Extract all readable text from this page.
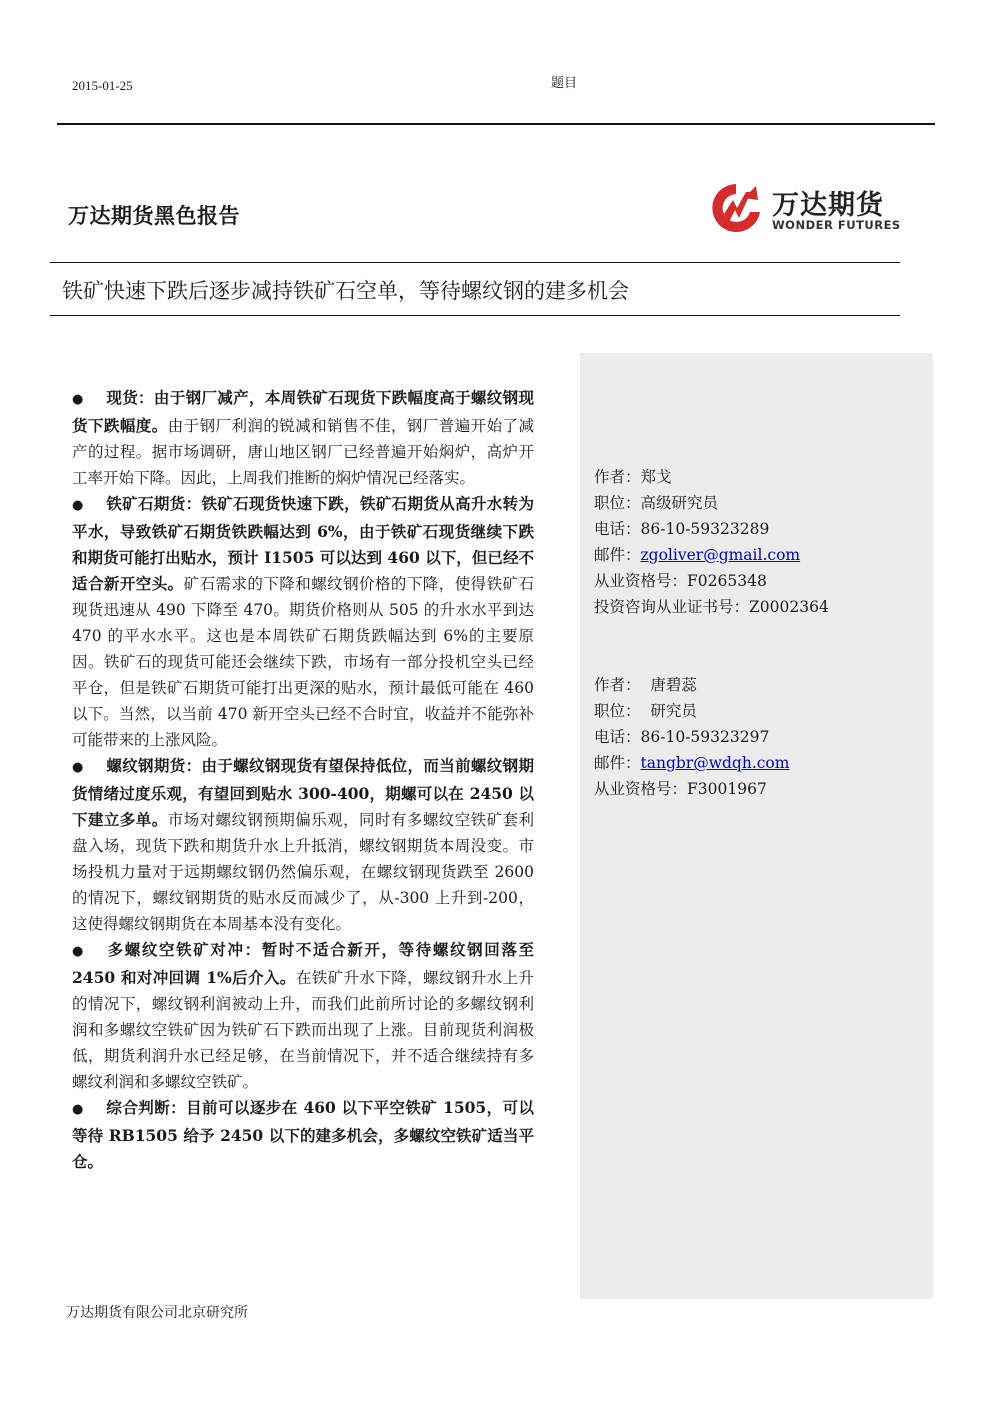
2015-01-25	题目
万达期货黑色报告	万达期货
WONDER FUTURES
铁矿快速下跌后逐步减持铁矿石空单，等待螺纹钢的建多机会
作者：郑戈
职位：高级研究员
电话：86-10-59323289
邮件：zgoliver@gmail.com
从业资格号：F0265348
投资咨询从业证书号：Z0002364
作者：  唐碧蕊
职位：  研究员
电话：86-10-59323297
邮件：tangbr@wdqh.com
从业资格号：F3001967

● 现货：由于钢厂减产，本周铁矿石现货下跌幅度高于螺纹钢现货下跌幅度。由于钢厂利润的锐减和销售不佳，钢厂普遍开始了减产的过程。据市场调研，唐山地区钢厂已经普遍开始焖炉，高炉开工率开始下降。因此，上周我们推断的焖炉情况已经落实。

● 铁矿石期货：铁矿石现货快速下跌，铁矿石期货从高升水转为平水，导致铁矿石期货铁跌幅达到 6%，由于铁矿石现货继续下跌和期货可能打出贴水，预计 I1505 可以达到 460 以下，但已经不适合新开空头。矿石需求的下降和螺纹钢价格的下降，使得铁矿石现货迅速从 490 下降至 470。期货价格则从 505 的升水水平到达 470 的平水水平。这也是本周铁矿石期货跌幅达到 6%的主要原因。铁矿石的现货可能还会继续下跌，市场有一部分投机空头已经平仓，但是铁矿石期货可能打出更深的贴水，预计最低可能在 460 以下。当然，以当前 470 新开空头已经不合时宜，收益并不能弥补可能带来的上涨风险。

● 螺纹钢期货：由于螺纹钢现货有望保持低位，而当前螺纹钢期货情绪过度乐观，有望回到贴水 300-400，期螺可以在 2450 以下建立多单。市场对螺纹钢预期偏乐观，同时有多螺纹空铁矿套利盘入场，现货下跌和期货升水上升抵消，螺纹钢期货本周没变。市场投机力量对于远期螺纹钢仍然偏乐观，在螺纹钢现货跌至 2600 的情况下，螺纹钢期货的贴水反而减少了，从-300 上升到-200，这使得螺纹钢期货在本周基本没有变化。

● 多螺纹空铁矿对冲：暂时不适合新开，等待螺纹钢回落至 2450 和对冲回调 1%后介入。在铁矿升水下降，螺纹钢升水上升的情况下，螺纹钢利润被动上升，而我们此前所讨论的多螺纹钢利润和多螺纹空铁矿因为铁矿石下跌而出现了上涨。目前现货利润极低，期货利润升水已经足够，在当前情况下，并不适合继续持有多螺纹利润和多螺纹空铁矿。

● 综合判断：目前可以逐步在 460 以下平空铁矿 1505，可以等待 RB1505 给予 2450 以下的建多机会，多螺纹空铁矿适当平仓。

万达期货有限公司北京研究所
